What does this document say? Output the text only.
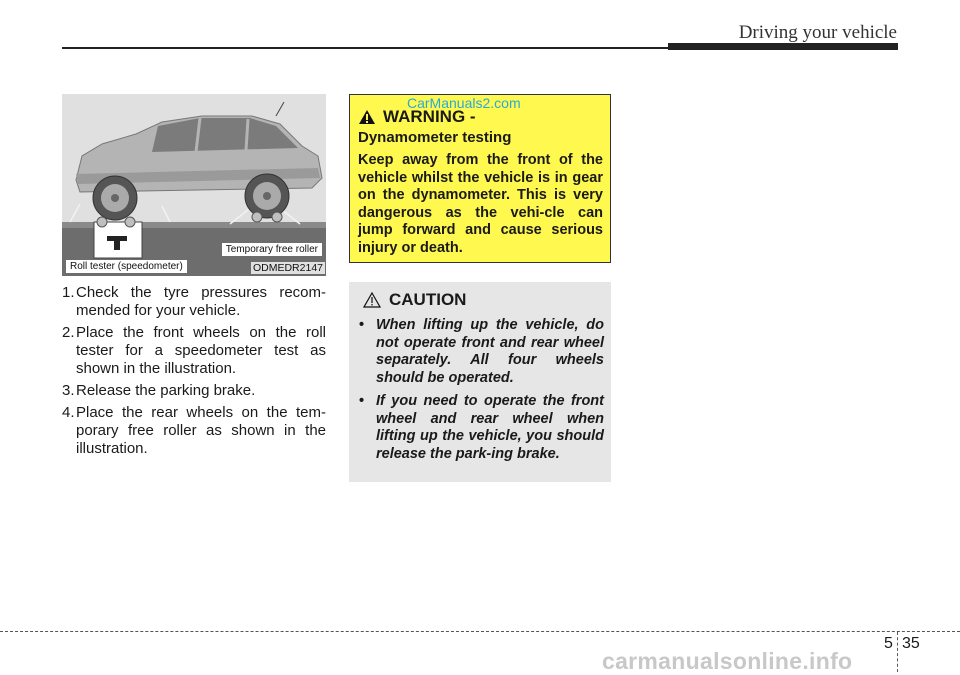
Driving your vehicle
Temporary free roller
Roll tester (speedometer)	ODMEDR2147
1. Check the tyre pressures recom-mended for your vehicle.
2. Place the front wheels on the roll tester for a speedometer test as shown in the illustration.
3. Release the parking brake.
4. Place the rear wheels on the tem-porary free roller as shown in the illustration.
CarManuals2.com
WARNING -
Dynamometer testing
Keep away from the front of the vehicle whilst the vehicle is in gear on the dynamometer. This is very dangerous as the vehi-cle can jump forward and cause serious injury or death.
CAUTION
• When lifting up the vehicle, do not operate front and rear wheel separately. All four wheels should be operated.
• If you need to operate the front wheel and rear wheel when lifting up the vehicle, you should release the park-ing brake.
5 35
carmanualsonline.info
